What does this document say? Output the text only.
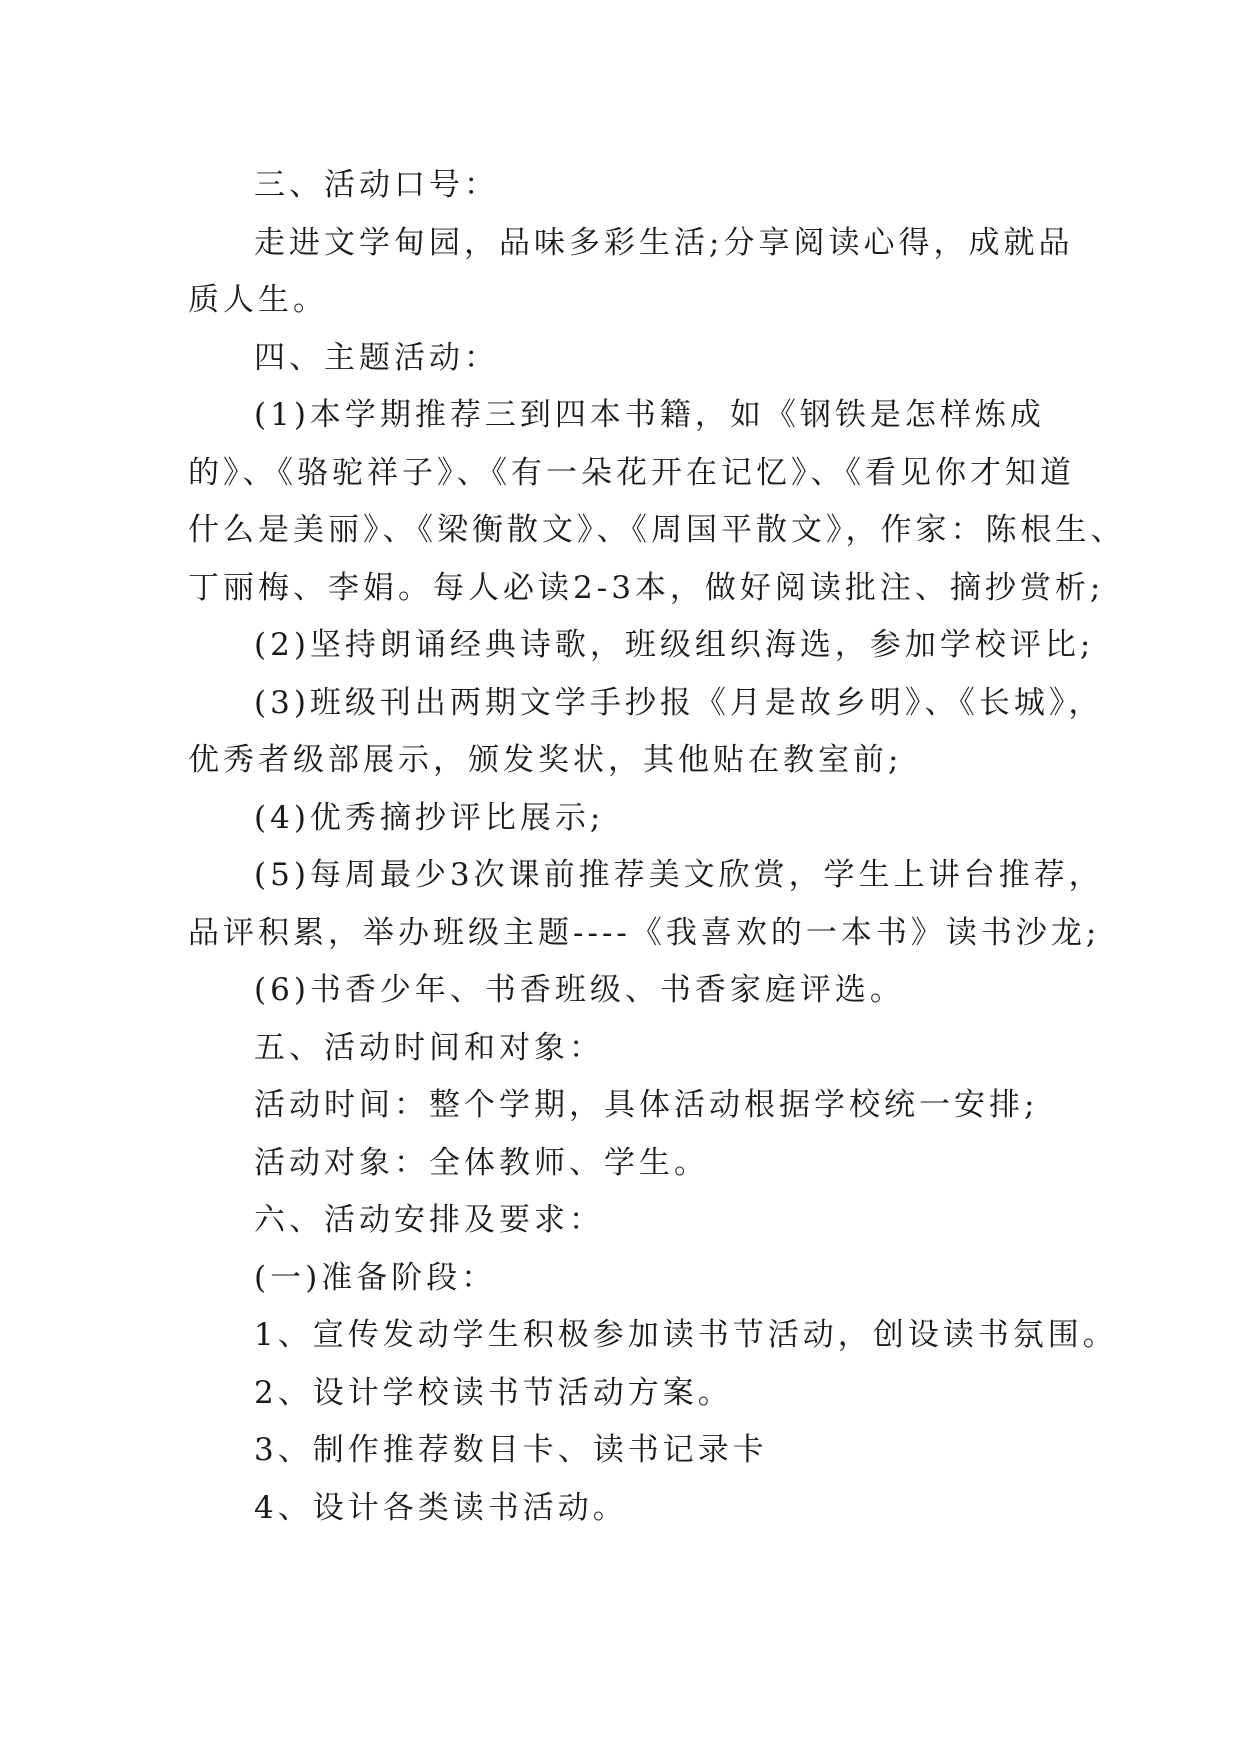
三、活动口号：

走进文学甸园，品味多彩生活;分享阅读心得，成就品

质人生。

四、主题活动：

(1)本学期推荐三到四本书籍，如《钢铁是怎样炼成

的》、《骆驼祥子》、《有一朵花开在记忆》、《看见你才知道

什么是美丽》、《梁衡散文》、《周国平散文》，作家：陈根生、

丁丽梅、李娟。每人必读2-3本，做好阅读批注、摘抄赏析;

(2)坚持朗诵经典诗歌，班级组织海选，参加学校评比;

(3)班级刊出两期文学手抄报《月是故乡明》、《长城》，

优秀者级部展示，颁发奖状，其他贴在教室前;

(4)优秀摘抄评比展示;

(5)每周最少3次课前推荐美文欣赏，学生上讲台推荐，

品评积累，举办班级主题----《我喜欢的一本书》读书沙龙;

(6)书香少年、书香班级、书香家庭评选。

五、活动时间和对象：

活动时间：整个学期，具体活动根据学校统一安排;

活动对象：全体教师、学生。

六、活动安排及要求：

(一)准备阶段：

1、宣传发动学生积极参加读书节活动，创设读书氛围。

2、设计学校读书节活动方案。

3、制作推荐数目卡、读书记录卡

4、设计各类读书活动。
